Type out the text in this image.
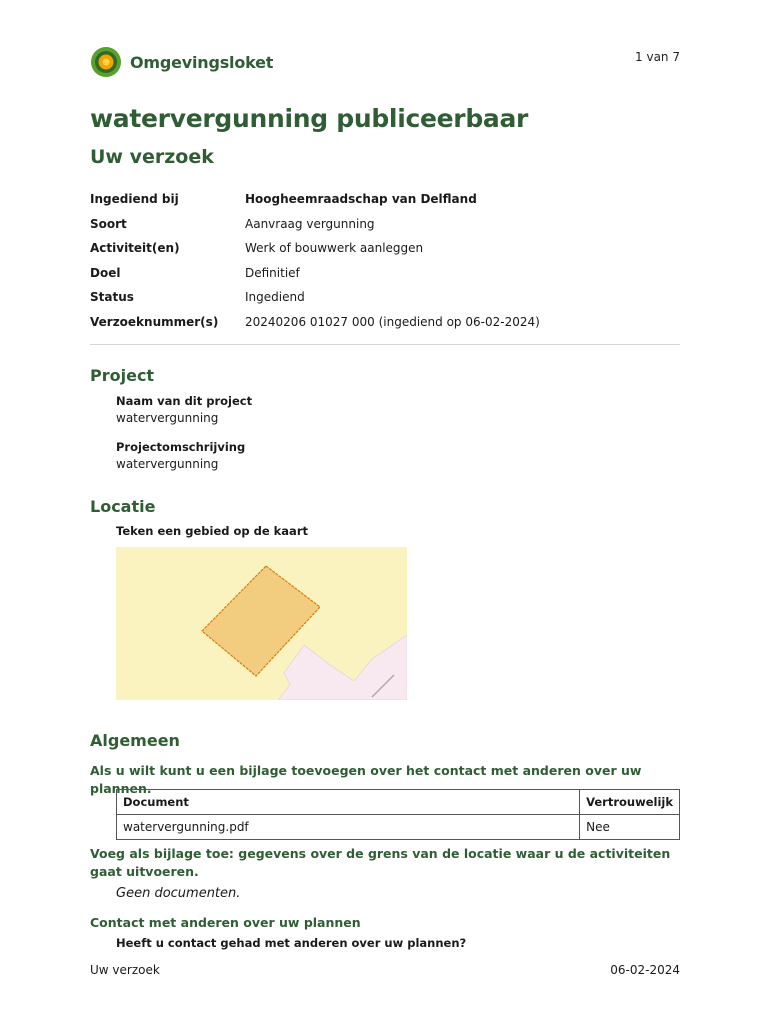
Omgevingsloket	1 van 7
watervergunning publiceerbaar
Uw verzoek
Ingediend bij	Hoogheemraadschap van Delfland
Soort	Aanvraag vergunning
Activiteit(en)	Werk of bouwwerk aanleggen
Doel	Definitief
Status	Ingediend
Verzoeknummer(s)	20240206 01027 000 (ingediend op 06-02-2024)
Project
Naam van dit project
watervergunning
Projectomschrijving
watervergunning
Locatie
Teken een gebied op de kaart
Algemeen
Als u wilt kunt u een bijlage toevoegen over het contact met anderen over uw plannen.
Document	Vertrouwelijk
watervergunning.pdf	Nee
Voeg als bijlage toe: gegevens over de grens van de locatie waar u de activiteiten gaat uitvoeren.
Geen documenten.
Contact met anderen over uw plannen
Heeft u contact gehad met anderen over uw plannen?
Uw verzoek	06-02-2024
